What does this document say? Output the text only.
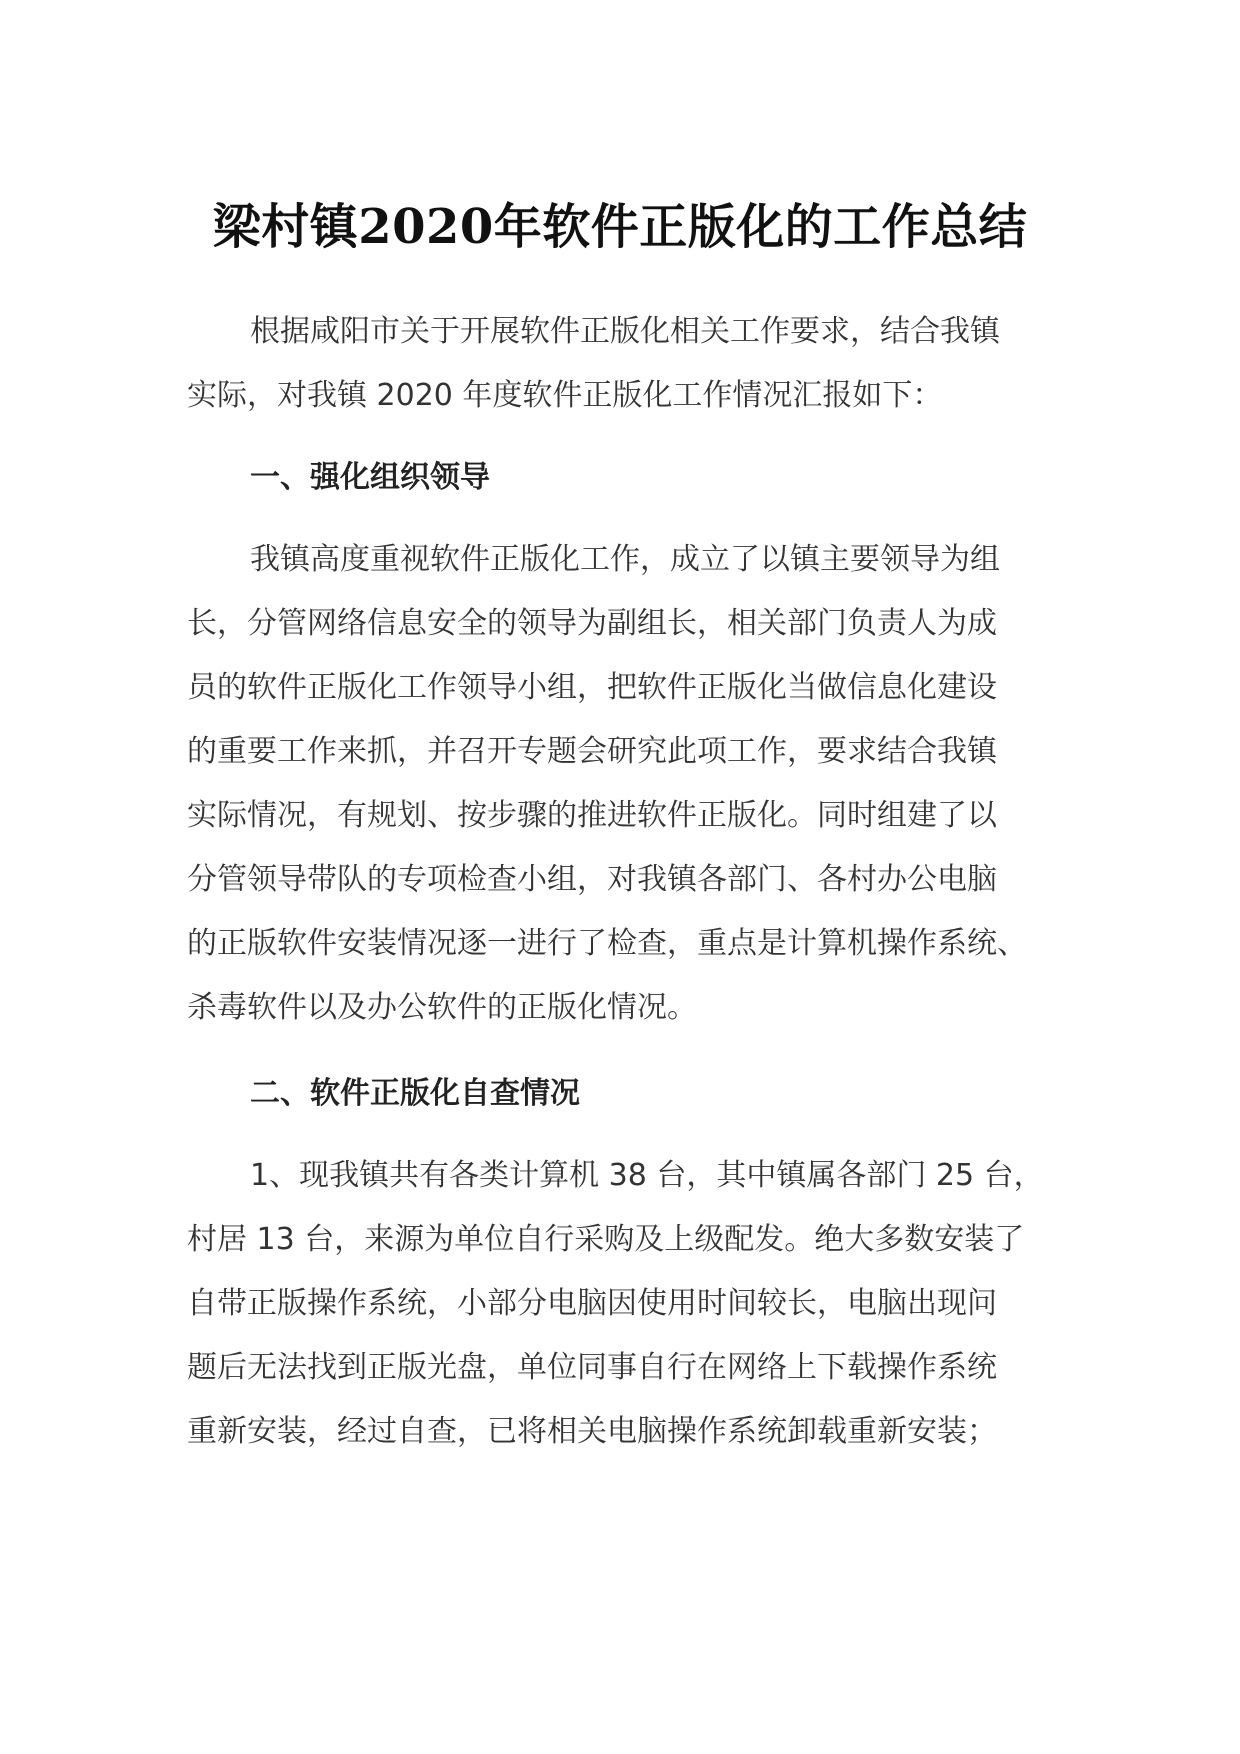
梁村镇2020年软件正版化的工作总结

根据咸阳市关于开展软件正版化相关工作要求，结合我镇

实际，对我镇 2020 年度软件正版化工作情况汇报如下：

一、强化组织领导

我镇高度重视软件正版化工作，成立了以镇主要领导为组

长，分管网络信息安全的领导为副组长，相关部门负责人为成

员的软件正版化工作领导小组，把软件正版化当做信息化建设

的重要工作来抓，并召开专题会研究此项工作，要求结合我镇

实际情况，有规划、按步骤的推进软件正版化。同时组建了以

分管领导带队的专项检查小组，对我镇各部门、各村办公电脑

的正版软件安装情况逐一进行了检查，重点是计算机操作系统、

杀毒软件以及办公软件的正版化情况。

二、软件正版化自查情况

1、现我镇共有各类计算机 38 台，其中镇属各部门 25 台，

村居 13 台，来源为单位自行采购及上级配发。绝大多数安装了

自带正版操作系统，小部分电脑因使用时间较长，电脑出现问

题后无法找到正版光盘，单位同事自行在网络上下载操作系统

重新安装，经过自查，已将相关电脑操作系统卸载重新安装；
